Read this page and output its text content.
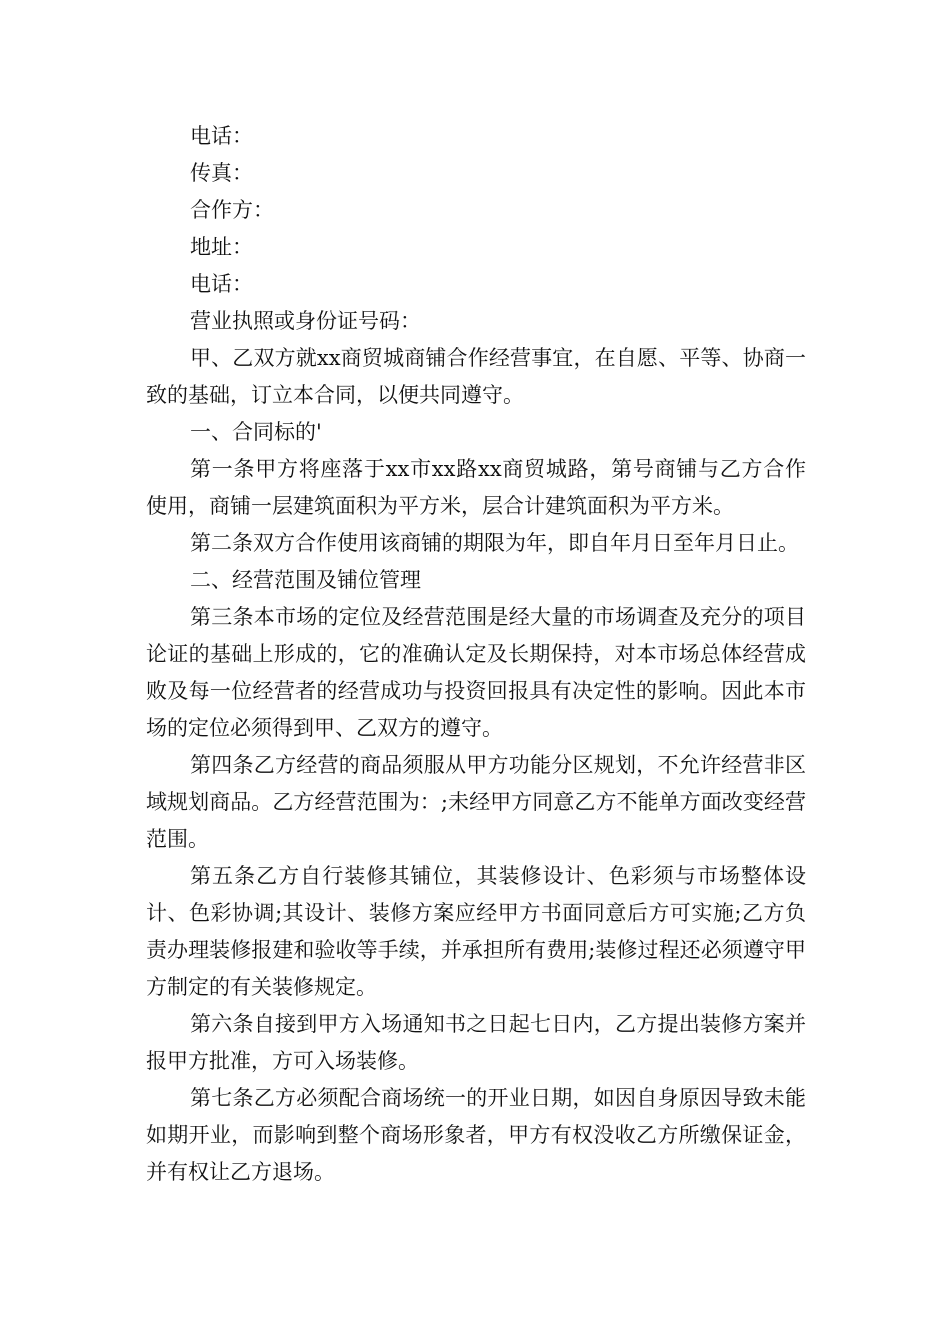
电话：

传真：

合作方：

地址：

电话：

营业执照或身份证号码：

甲、乙双方就xx商贸城商铺合作经营事宜，在自愿、平等、协商一致的基础，订立本合同，以便共同遵守。

一、合同标的'

第一条甲方将座落于xx市xx路xx商贸城路，第号商铺与乙方合作使用，商铺一层建筑面积为平方米，层合计建筑面积为平方米。

第二条双方合作使用该商铺的期限为年，即自年月日至年月日止。

二、经营范围及铺位管理

第三条本市场的定位及经营范围是经大量的市场调查及充分的项目论证的基础上形成的，它的准确认定及长期保持，对本市场总体经营成败及每一位经营者的经营成功与投资回报具有决定性的影响。因此本市场的定位必须得到甲、乙双方的遵守。

第四条乙方经营的商品须服从甲方功能分区规划，不允许经营非区域规划商品。乙方经营范围为：;未经甲方同意乙方不能单方面改变经营范围。

第五条乙方自行装修其铺位，其装修设计、色彩须与市场整体设计、色彩协调;其设计、装修方案应经甲方书面同意后方可实施;乙方负责办理装修报建和验收等手续，并承担所有费用;装修过程还必须遵守甲方制定的有关装修规定。

第六条自接到甲方入场通知书之日起七日内，乙方提出装修方案并报甲方批准，方可入场装修。

第七条乙方必须配合商场统一的开业日期，如因自身原因导致未能如期开业，而影响到整个商场形象者，甲方有权没收乙方所缴保证金，并有权让乙方退场。
